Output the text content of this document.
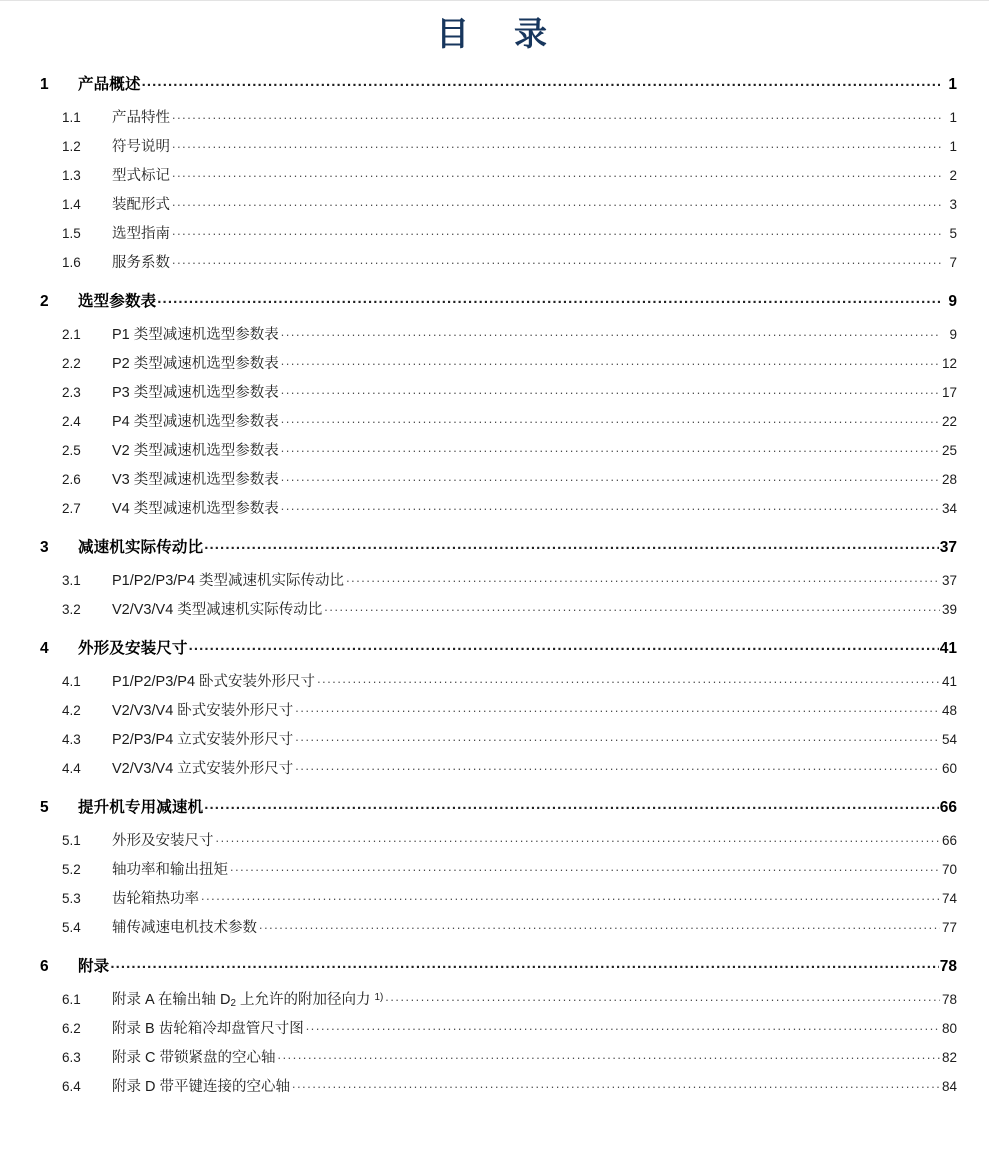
目　录
1	产品概述 .....	1
1.1	产品特性 .....	1
1.2	符号说明 .....	1
1.3	型式标记 .....	2
1.4	装配形式 .....	3
1.5	选型指南 .....	5
1.6	服务系数 .....	7
2	选型参数表 .....	9
2.1	P1 类型减速机选型参数表 .....	9
2.2	P2 类型减速机选型参数表 .....	12
2.3	P3 类型减速机选型参数表 .....	17
2.4	P4 类型减速机选型参数表 .....	22
2.5	V2 类型减速机选型参数表 .....	25
2.6	V3 类型减速机选型参数表 .....	28
2.7	V4 类型减速机选型参数表 .....	34
3	减速机实际传动比 .....	37
3.1	P1/P2/P3/P4 类型减速机实际传动比 .....	37
3.2	V2/V3/V4 类型减速机实际传动比 .....	39
4	外形及安装尺寸 .....	41
4.1	P1/P2/P3/P4 卧式安装外形尺寸 .....	41
4.2	V2/V3/V4 卧式安装外形尺寸 .....	48
4.3	P2/P3/P4 立式安装外形尺寸 .....	54
4.4	V2/V3/V4 立式安装外形尺寸 .....	60
5	提升机专用减速机 .....	66
5.1	外形及安装尺寸 .....	66
5.2	轴功率和输出扭矩 .....	70
5.3	齿轮箱热功率 .....	74
5.4	辅传减速电机技术参数 .....	77
6	附录 .....	78
6.1	附录 A 在输出轴 $D_2$ 上允许的附加径向力 $^{1)}$ .....	78
6.2	附录 B 齿轮箱冷却盘管尺寸图 .....	80
6.3	附录 C 带锁紧盘的空心轴 .....	82
6.4	附录 D 带平键连接的空心轴 .....	84
